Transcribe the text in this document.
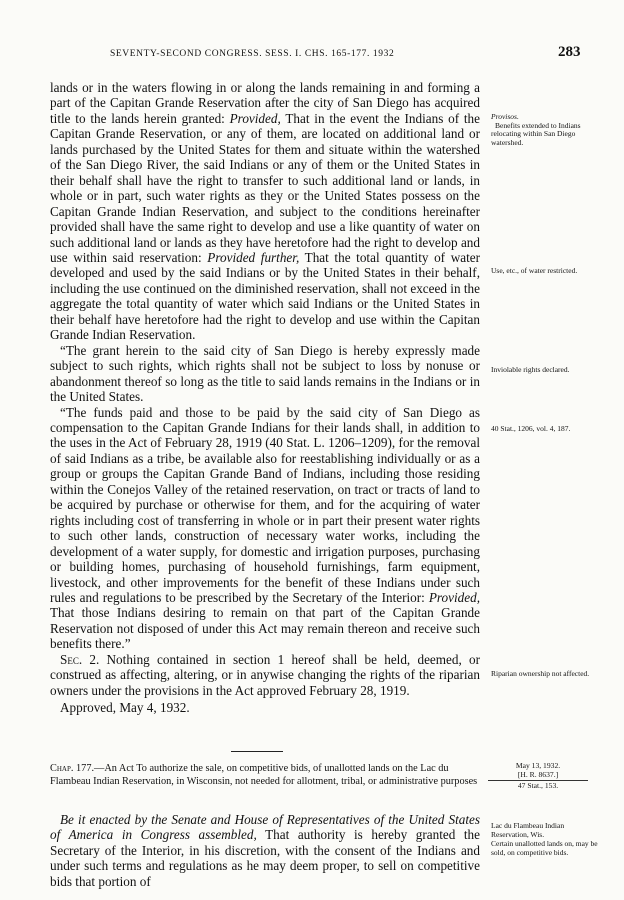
SEVENTY-SECOND CONGRESS. SESS. I. CHS. 165-177. 1932	283

lands or in the waters flowing in or along the lands remaining in and forming a part of the Capitan Grande Reservation after the city of San Diego has acquired title to the lands herein granted: Provided, That in the event the Indians of the Capitan Grande Reservation, or any of them, are located on additional land or lands purchased by the United States for them and situate within the watershed of the San Diego River, the said Indians or any of them or the United States in their behalf shall have the right to transfer to such additional land or lands, in whole or in part, such water rights as they or the United States possess on the Capitan Grande Indian Reservation, and subject to the conditions hereinafter provided shall have the same right to develop and use a like quantity of water on such additional land or lands as they have heretofore had the right to develop and use within said reservation: Provided further, That the total quantity of water developed and used by the said Indians or by the United States in their behalf, including the use continued on the diminished reservation, shall not exceed in the aggregate the total quantity of water which said Indians or the United States in their behalf have heretofore had the right to develop and use within the Capitan Grande Indian Reservation.

“The grant herein to the said city of San Diego is hereby expressly made subject to such rights, which rights shall not be subject to loss by nonuse or abandonment thereof so long as the title to said lands remains in the Indians or in the United States.

“The funds paid and those to be paid by the said city of San Diego as compensation to the Capitan Grande Indians for their lands shall, in addition to the uses in the Act of February 28, 1919 (40 Stat. L. 1206–1209), for the removal of said Indians as a tribe, be available also for reestablishing individually or as a group or groups the Capitan Grande Band of Indians, including those residing within the Conejos Valley of the retained reservation, on tract or tracts of land to be acquired by purchase or otherwise for them, and for the acquiring of water rights including cost of transferring in whole or in part their present water rights to such other lands, construction of necessary water works, including the development of a water supply, for domestic and irrigation purposes, purchasing or building homes, purchasing of household furnishings, farm equipment, livestock, and other improvements for the benefit of these Indians under such rules and regulations to be prescribed by the Secretary of the Interior: Provided, That those Indians desiring to remain on that part of the Capitan Grande Reservation not disposed of under this Act may remain thereon and receive such benefits there.”

Sec. 2. Nothing contained in section 1 hereof shall be held, deemed, or construed as affecting, altering, or in anywise changing the rights of the riparian owners under the provisions in the Act approved February 28, 1919.

Approved, May 4, 1932.

Provisos.
Benefits extended to Indians relocating within San Diego watershed.
Use, etc., of water restricted.
Inviolable rights declared.
40 Stat., 1206, vol. 4, 187.
Riparian ownership not affected.
Chap. 177.—An Act To authorize the sale, on competitive bids, of unallotted lands on the Lac du Flambeau Indian Reservation, in Wisconsin, not needed for allotment, tribal, or administrative purposes
May 13, 1932.
[H. R. 8637.]
47 Stat., 153.
Lac du Flambeau Indian Reservation, Wis.
Certain unallotted lands on, may be sold, on competitive bids.

Be it enacted by the Senate and House of Representatives of the United States of America in Congress assembled, That authority is hereby granted the Secretary of the Interior, in his discretion, with the consent of the Indians and under such terms and regulations as he may deem proper, to sell on competitive bids that portion of
